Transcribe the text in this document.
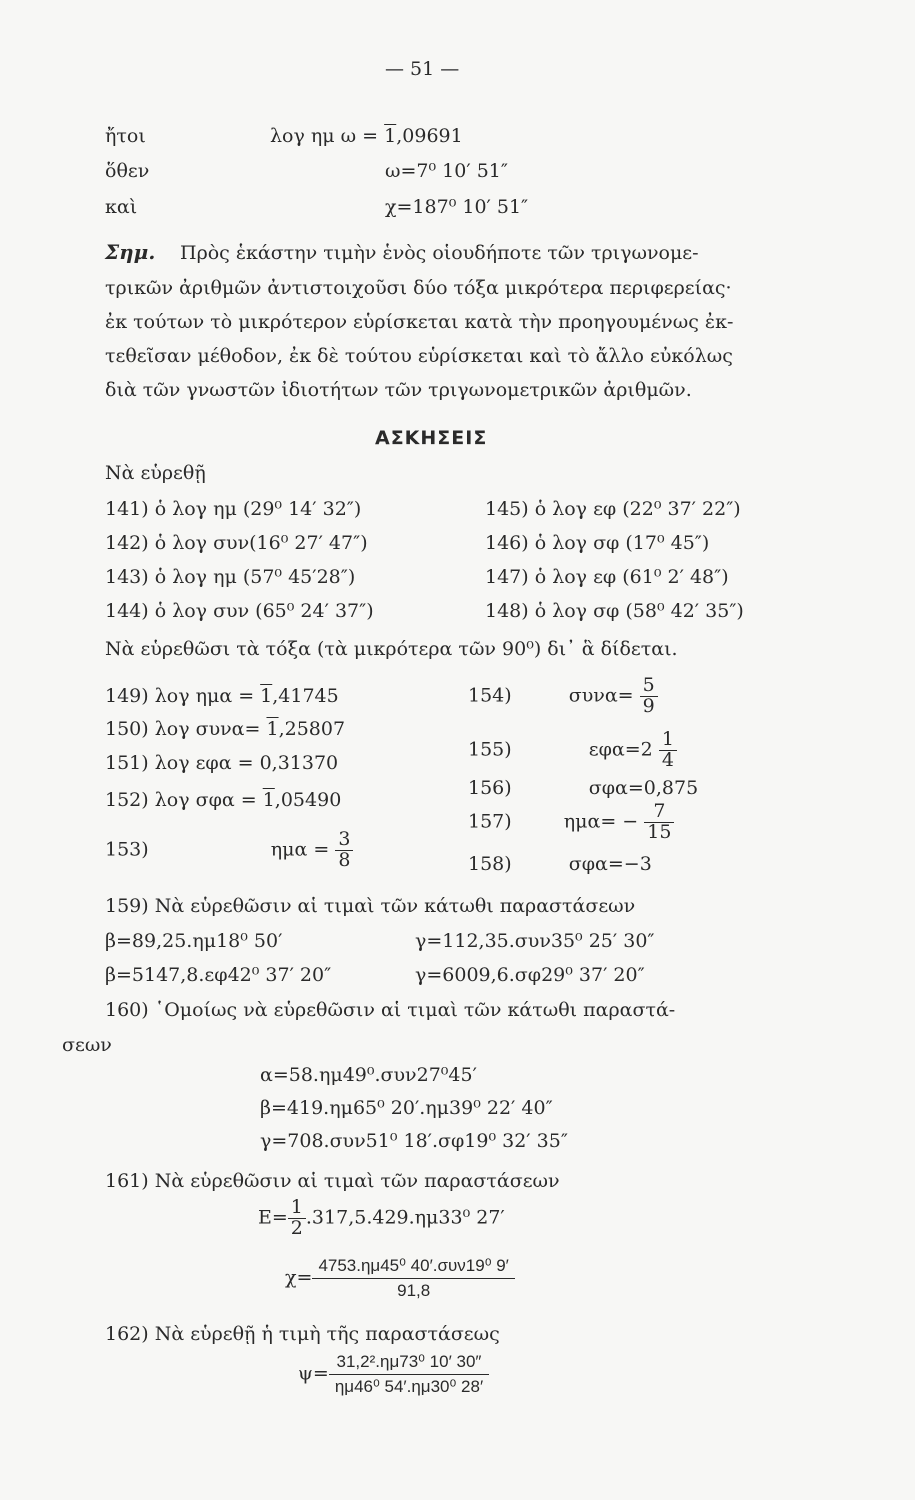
— 51 —
ἤτοι	λογ ημ ω = 1,09691
ὅθεν	ω=7⁰ 10′ 51″
καὶ	χ=187⁰ 10′ 51″
Σημ. Πρὸς ἑκάστην τιμὴν ἑνὸς οἱουδήποτε τῶν τριγωνομε-
τρικῶν ἀριθμῶν ἀντιστοιχοῦσι δύο τόξα μικρότερα περιφερείας·
ἐκ τούτων τὸ μικρότερον εὑρίσκεται κατὰ τὴν προηγουμένως ἐκ-
τεθεῖσαν μέθοδον, ἐκ δὲ τούτου εὑρίσκεται καὶ τὸ ἄλλο εὐκόλως
διὰ τῶν γνωστῶν ἰδιοτήτων τῶν τριγωνομετρικῶν ἀριθμῶν.
ΑΣΚΗΣΕΙΣ
Νὰ εὑρεθῇ
141) ὁ λογ ημ (29⁰ 14′ 32″)
142) ὁ λογ συν(16⁰ 27′ 47″)
143) ὁ λογ ημ (57⁰ 45′28″)
144) ὁ λογ συν (65⁰ 24′ 37″)
145) ὁ λογ εφ (22⁰ 37′ 22″)
146) ὁ λογ σφ (17⁰ 45″)
147) ὁ λογ εφ (61⁰ 2′ 48″)
148) ὁ λογ σφ (58⁰ 42′ 35″)
Νὰ εὑρεθῶσι τὰ τόξα (τὰ μικρότερα τῶν 90⁰) δι᾽ ἃ δίδεται.
149) λογ ημα = 1,41745
150) λογ συνα= 1,25807
151) λογ εφα = 0,31370
152) λογ σφα = 1,05490
153)	$\eta\mu\alpha = \frac{3}{8}$
154)	$\sigma\upsilon\nu\alpha= \frac{5}{9}$
155)	$\varepsilon\varphi\alpha=2 \frac{1}{4}$
156)	σφα=0,875
157)	$\eta\mu\alpha= - \frac{7}{15}$
158)	σφα=−3
159) Νὰ εὑρεθῶσιν αἱ τιμαὶ τῶν κάτωθι παραστάσεων
β=89,25.ημ18⁰ 50′	γ=112,35.συν35⁰ 25′ 30″
β=5147,8.εφ42⁰ 37′ 20″	γ=6009,6.σφ29⁰ 37′ 20″
160) ῾Ομοίως νὰ εὑρεθῶσιν αἱ τιμαὶ τῶν κάτωθι παραστά-
σεων
α=58.ημ49⁰.συν27⁰45′
β=419.ημ65⁰ 20′.ημ39⁰ 22′ 40″
γ=708.συν51⁰ 18′.σφ19⁰ 32′ 35″
161) Νὰ εὑρεθῶσιν αἱ τιμαὶ τῶν παραστάσεων
$E= \frac{1}{2} .317,5.429.\eta\mu 33^0$ 27′
χ=
4753.ημ45⁰ 40′.συν19⁰ 9′
91,8
162) Νὰ εὑρεθῇ ἡ τιμὴ τῆς παραστάσεως
$\psi= \frac{\text{31,2².ημ73⁰ 10′ 30″}}{\text{ημ46⁰ 54′.ημ30⁰ 28′}}$
